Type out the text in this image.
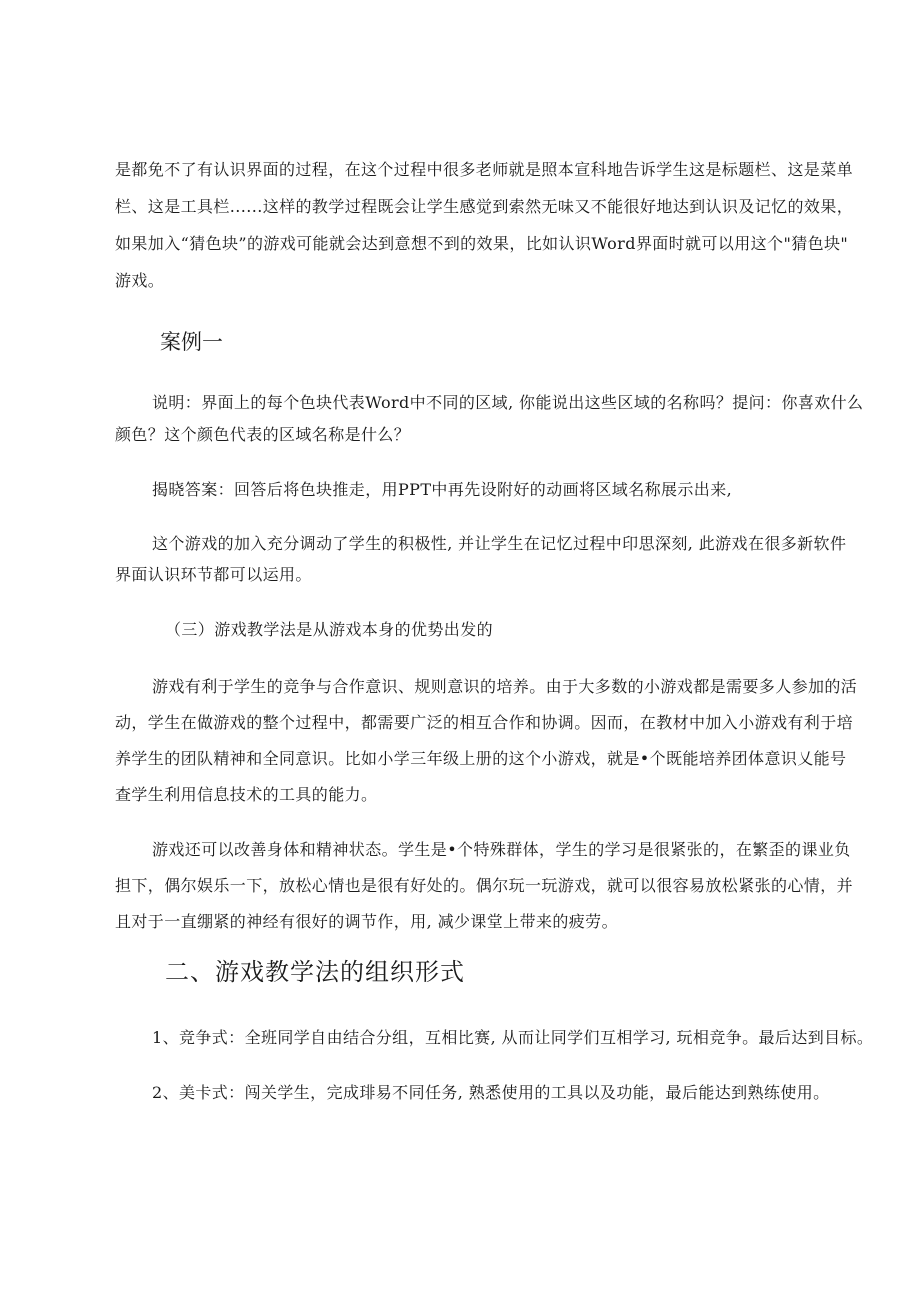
是都免不了有认识界面的过程，在这个过程中很多老师就是照本宣科地告诉学生这是标题栏、这是菜单
栏、这是工具栏......这样的教学过程既会让学生感觉到索然无味又不能很好地达到认识及记忆的效果，
如果加入“猜色块”的游戏可能就会达到意想不到的效果，比如认识Word界面时就可以用这个"猜色块"
游戏。
案例一
说明：界面上的每个色块代表Word中不同的区域, 你能说出这些区域的名称吗？提问：你喜欢什么
颜色？这个颜色代表的区域名称是什么？
揭晓答案：回答后将色块推走，用PPT中再先设附好的动画将区域名称展示出来,
这个游戏的加入充分调动了学生的积极性, 并让学生在记忆过程中印思深刻, 此游戏在很多新软件
界面认识环节都可以运用。
（三）游戏教学法是从游戏本身的优势出发的
游戏有利于学生的竞争与合作意识、规则意识的培养。由于大多数的小游戏都是需要多人参加的活
动，学生在做游戏的整个过程中，都需要广泛的相互合作和协调。因而，在教材中加入小游戏有利于培
养学生的团队精神和全同意识。比如小学三年级上册的这个小游戏，就是•个既能培养团体意识乂能号
查学生利用信息技术的工具的能力。
游戏还可以改善身体和精神状态。学生是•个特殊群体，学生的学习是很紧张的，在繁歪的课业负
担下，偶尔娱乐一下，放松心情也是很有好处的。偶尔玩一玩游戏，就可以很容易放松紧张的心情，并
且对于一直绷紧的神经有很好的调节作，用, 减少课堂上带来的疲劳。
二、游戏教学法的组织形式
1、竞争式：全班同学自由结合分组，互相比赛, 从而让同学们互相学习, 玩相竞争。最后达到目标。
2、美卡式：闯关学生，完成琲易不同任务, 熟悉使用的工具以及功能，最后能达到熟练使用。
